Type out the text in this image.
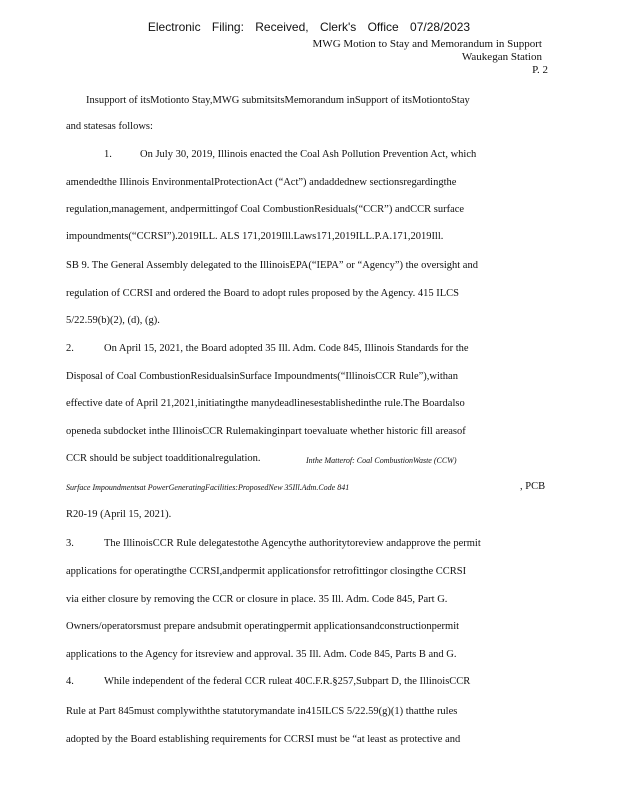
Electronic Filing: Received, Clerk's Office 07/28/2023
MWG Motion to Stay and Memorandum in Support
Waukegan Station
P. 2
Insupport of itsMotionto Stay,MWG submitsitsMemorandum inSupport of itsMotiontoStay
and statesas follows:
1.	On July 30, 2019, Illinois enacted the Coal Ash Pollution Prevention Act, which
amendedthe Illinois EnvironmentalProtectionAct (“Act”) andaddednew sectionsregardingthe
regulation,management, andpermittingof Coal CombustionResiduals(“CCR”) andCCR surface
impoundments(“CCRSI”).2019ILL. ALS 171,2019Ill.Laws171,2019ILL.P.A.171,2019Ill.
SB 9. The General Assembly delegated to the IllinoisEPA(“IEPA” or “Agency”) the oversight and
regulation of CCRSI and ordered the Board to adopt rules proposed by the Agency. 415 ILCS
5/22.59(b)(2), (d), (g).
2.	On April 15, 2021, the Board adopted 35 Ill. Adm. Code 845, Illinois Standards for the
Disposal of Coal CombustionResidualsinSurface Impoundments(“IllinoisCCR Rule”),withan
effective date of April 21,2021,initiatingthe manydeadlinesestablishedinthe rule.The Boardalso
openeda subdocket inthe IllinoisCCR Rulemakinginpart toevaluate whether historic fill areasof
CCR should be subject toadditionalregulation.	Inthe Matterof: Coal CombustionWaste (CCW)
Surface Impoundmentsat PowerGeneratingFacilities:ProposedNew 35Ill.Adm.Code 841	, PCB
R20-19 (April 15, 2021).
3.	The IllinoisCCR Rule delegatestothe Agencythe authoritytoreview andapprove the permit
applications for operatingthe CCRSI,andpermit applicationsfor retrofittingor closingthe CCRSI
via either closure by removing the CCR or closure in place. 35 Ill. Adm. Code 845, Part G.
Owners/operatorsmust prepare andsubmit operatingpermit applicationsandconstructionpermit
applications to the Agency for itsreview and approval. 35 Ill. Adm. Code 845, Parts B and G.
4.	While independent of the federal CCR ruleat 40C.F.R.§257,Subpart D, the IllinoisCCR
Rule at Part 845must complywiththe statutorymandate in415ILCS 5/22.59(g)(1) thatthe rules
adopted by the Board establishing requirements for CCRSI must be “at least as protective and
